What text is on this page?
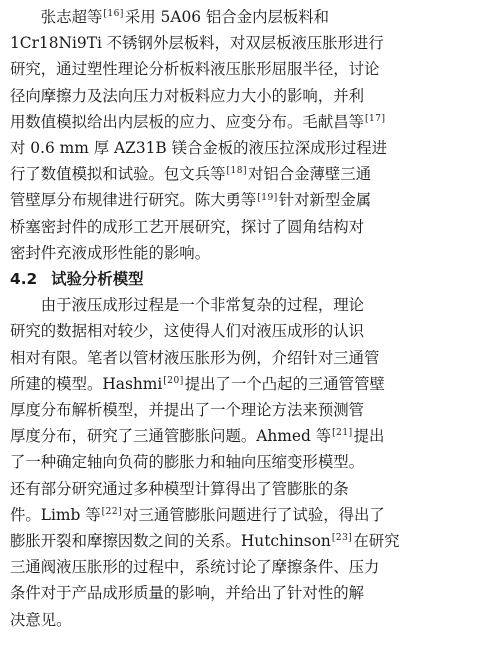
张志超等[16]采用 5A06 铝合金内层板料和
1Cr18Ni9Ti 不锈钢外层板料，对双层板液压胀形进行
研究，通过塑性理论分析板料液压胀形屈服半径，讨论
径向摩擦力及法向压力对板料应力大小的影响，并利
用数值模拟给出内层板的应力、应变分布。毛献昌等[17]
对 0.6 mm 厚 AZ31B 镁合金板的液压拉深成形过程进
行了数值模拟和试验。包文兵等[18]对铝合金薄壁三通
管壁厚分布规律进行研究。陈大勇等[19]针对新型金属
桥塞密封件的成形工艺开展研究，探讨了圆角结构对
密封件充液成形性能的影响。
4.2 试验分析模型
由于液压成形过程是一个非常复杂的过程，理论
研究的数据相对较少，这使得人们对液压成形的认识
相对有限。笔者以管材液压胀形为例，介绍针对三通管
所建的模型。Hashmi[20]提出了一个凸起的三通管管壁
厚度分布解析模型，并提出了一个理论方法来预测管
厚度分布，研究了三通管膨胀问题。Ahmed 等[21]提出
了一种确定轴向负荷的膨胀力和轴向压缩变形模型。
还有部分研究通过多种模型计算得出了管膨胀的条
件。Limb 等[22]对三通管膨胀问题进行了试验，得出了
膨胀开裂和摩擦因数之间的关系。Hutchinson[23]在研究
三通阀液压胀形的过程中，系统讨论了摩擦条件、压力
条件对于产品成形质量的影响，并给出了针对性的解
决意见。
